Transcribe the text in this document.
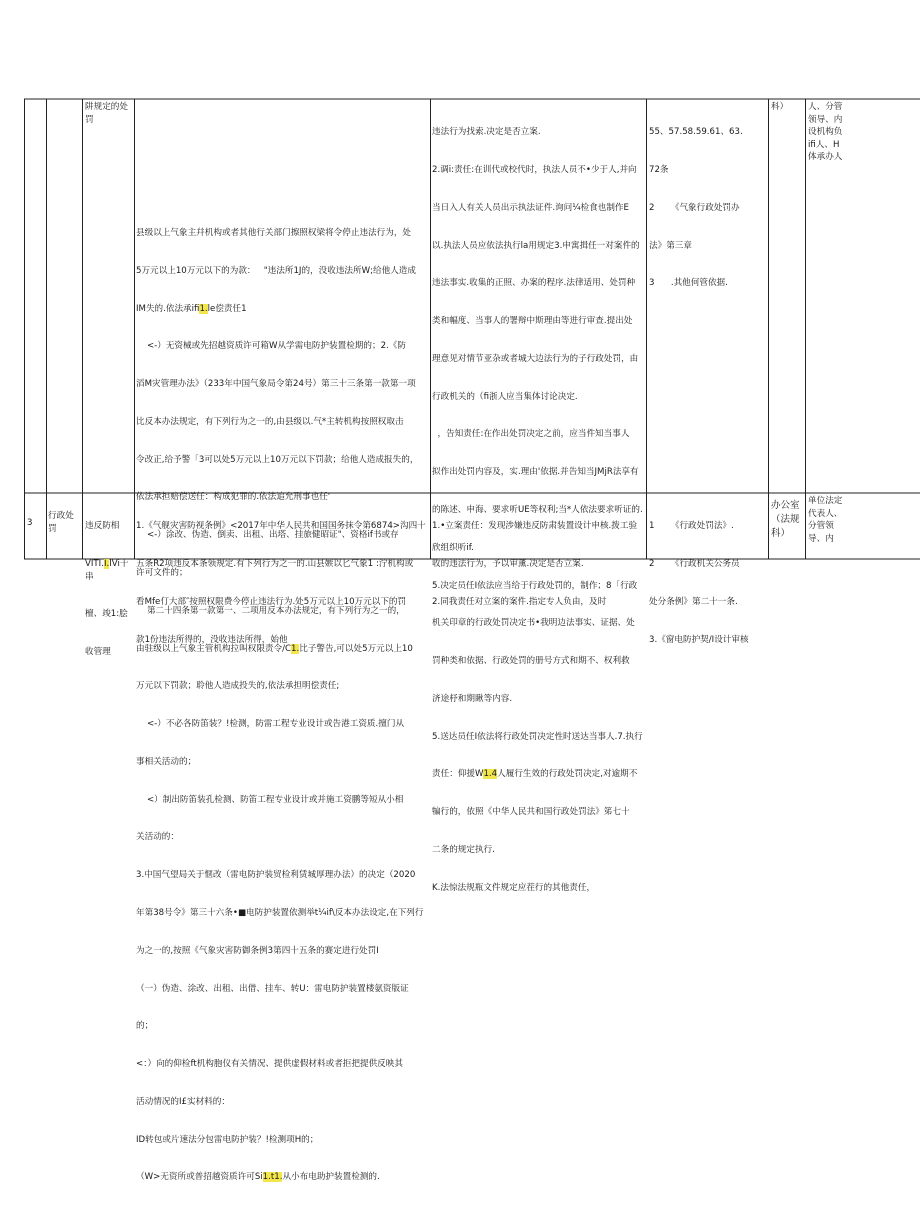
阱规定的处
罚

县级以上气象主幷机构或者其他行关部门擦照权梁将令停止违法行为，处

5万元以上10万元以下的为款：   "违法所1J的，没收违法所W;给他人造成

IM失的.依法承ifi1.le偿责任1

<-）无资械或先招越资质许可箱W从学需电防护装置检期的；2.《防

滔M灾管理办法》（233年中国气象局令第24号）第三十三条第一款第一项

比反本办法规定，有下列行为之一的,由县级以.气*主转机构按照权取击

令改正,给予警「3可以处5万元以上10万元以下罚款；给他人造成报失的，

依法承担赔偿送任：构成犯罪的.依法追允刑事也任'

<-）涂改、伪造、倒卖、出租、出塔、挂旅健昭证"、资格if书或存

许可文件的；

第二十四条第一款第一、二项用反本办法规定，有下列行为之一的，

由驻级以上气象主管机构拉叫权限责令/C1.比子警告,可以处5万元以上10

万元以下罚款；聆他人造成投失的,依法承担明偿责任;

<-）不必各防笛装？!检测，防雷工程专业设计或告港工资质.擅门从

事相关活动的；

<）制出防笛装孔检测、防笛工程专业设计或并施工资鹏等短从小相

关活动的：

3.中国气望局关于惬改（雷电防护装贸检利赁城厚理办法）的决定（2020

年第38号令》第三十六条•■电防护装置依测举t¼if\反本办法设定,在下列行

为之一的,按照《气象灾害防御条例3第四十五条的赛定进行处罚I

（一）伪造、涂改、出租、出借、挂车、转U：雷电防护装置楼氨资版证

的；

<：）向的仰检ft机构胞仪有关情况、提供虚假材料或者拒把提供反映其

活动情况的I£实材料的：

ID转包或片速法分包雷电防护装？!检测项H的；

（W>无资所或普招越资质许可Si1.t1.从小布电助护装置检测的.

违法行为找索.决定是否立案.

2.调i:责任:在训代或校代时，执法人员不•少于人,并向

当日入人有关人员出示执法证件.询问¼检食也制作E

以.执法人员应依法执行la用规定3.申寓揖任一对案件的

违法事实.收集的正照、办案的程序.法律适用、处罚种

类和幅度、当事人的署辩中斯理由等进行审查.提出处

理意见对情节亚杂或者城大边法行为的子行政处罚，由

行政机关的（fi浙人应当集体讨论决定.

，告知责任:在作出处罚决定之前，应当件知当事人

拟作出处罚内容及，实.理由'依据.并告知当JMjR法享有

的陈述、申海、要求听UE等权利;当*人依法要求听证的.

欣组织听if.

5.决定员任I依法应当给于行政处罚的，制作；8「行政

机关印章的行政处罚决定书•我明边法事实、证据、处

罚种类和依据、行政处罚的册号方式和期不、权利救

济途杼和期瞅等内容.

5.送达员任I依法将行政处罚决定性时送达当事人.7.执行

责任：仰援W1.4人履行生效的行政处罚决定,对逾期不

犏行的，依照《中华人民共和国行政处罚法》笫七十

二条的规定执行.

K.法惊法规瓶文件规定应茬行的其他责任，

55、57.58.59.61、63.

72条

2      《气象行政处罚办

法》第三章

3      .其他何管依据.

科）	人、分管
领导、内
设机构负
ifi人、H
体承办人
3
行政处
罚

	违反防相

VITI.I.IVi十串

檀、竣1:脍

收管理

1.《气舰灾害防视条例》<2017年中华人民共和国国务抹令第6874>沟四十

五条R2项违反本条领规定.有下列行为之一的.山县嫉以匕气象1 :泞机构或

看Mfe仃大部″按照权限费今停止违法行为.处5万元以上10万元以下的罚

款1份违法所得的，没收违法所得，始他

1.•立案责任：发现涉嫌违反防肃装置设计申核.拨工验

收的违法行为，予以审薰.决定是否立案.

2.同我责任对立案的案件.指定专人负由，及时

1      《行政处罚法》.

2      《行政机关公务员

处分条例》第二十一条.

3.《窗电防护契/I设计审核

办公室
（法规
科）
单位法定
代表人、
分管领
导、内
